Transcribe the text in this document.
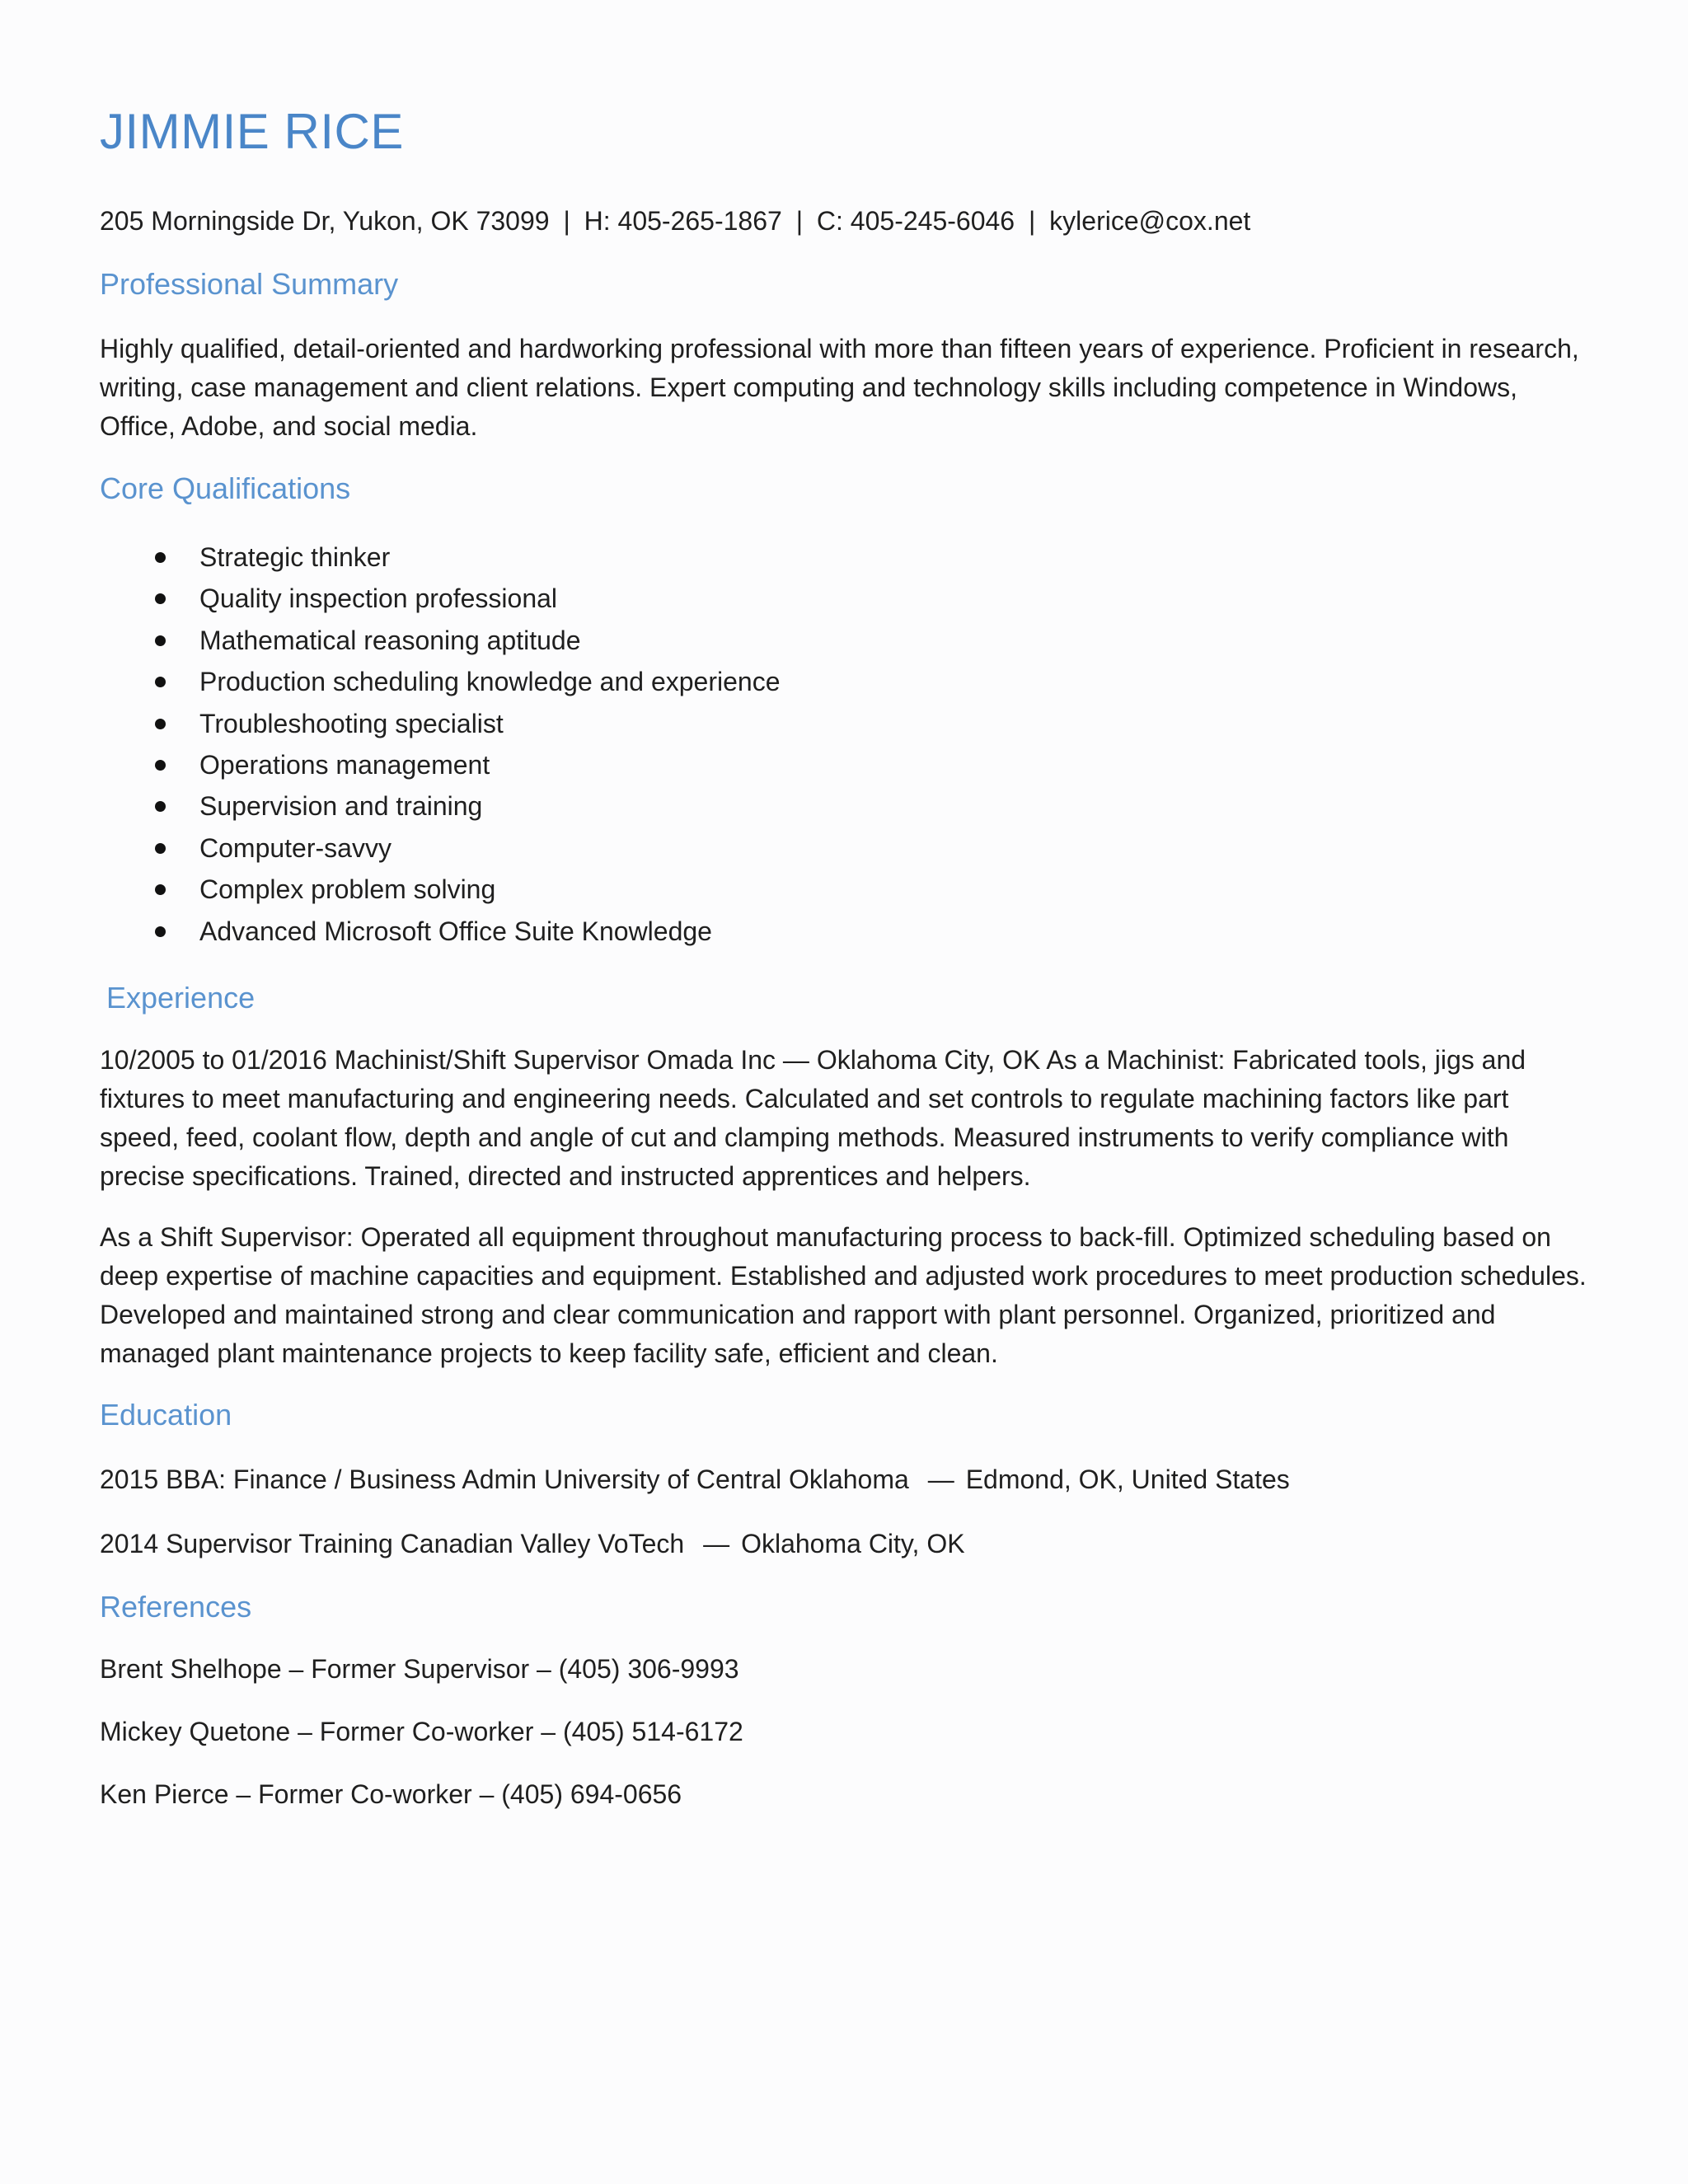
JIMMIE RICE
205 Morningside Dr, Yukon, OK 73099 | H: 405-265-1867 | C: 405-245-6046 | kylerice@cox.net
Professional Summary
Highly qualified, detail-oriented and hardworking professional with more than fifteen years of experience. Proficient in research, writing, case management and client relations. Expert computing and technology skills including competence in Windows, Office, Adobe, and social media.
Core Qualifications
Strategic thinker
Quality inspection professional
Mathematical reasoning aptitude
Production scheduling knowledge and experience
Troubleshooting specialist
Operations management
Supervision and training
Computer-savvy
Complex problem solving
Advanced Microsoft Office Suite Knowledge
Experience
10/2005 to 01/2016 Machinist/Shift Supervisor Omada Inc — Oklahoma City, OK As a Machinist: Fabricated tools, jigs and fixtures to meet manufacturing and engineering needs. Calculated and set controls to regulate machining factors like part speed, feed, coolant flow, depth and angle of cut and clamping methods. Measured instruments to verify compliance with precise specifications. Trained, directed and instructed apprentices and helpers.
As a Shift Supervisor: Operated all equipment throughout manufacturing process to back-fill. Optimized scheduling based on deep expertise of machine capacities and equipment. Established and adjusted work procedures to meet production schedules. Developed and maintained strong and clear communication and rapport with plant personnel. Organized, prioritized and managed plant maintenance projects to keep facility safe, efficient and clean.
Education
2015 BBA: Finance / Business Admin University of Central Oklahoma — Edmond, OK, United States
2014 Supervisor Training Canadian Valley VoTech — Oklahoma City, OK
References
Brent Shelhope – Former Supervisor – (405) 306-9993
Mickey Quetone – Former Co-worker – (405) 514-6172
Ken Pierce – Former Co-worker – (405) 694-0656
